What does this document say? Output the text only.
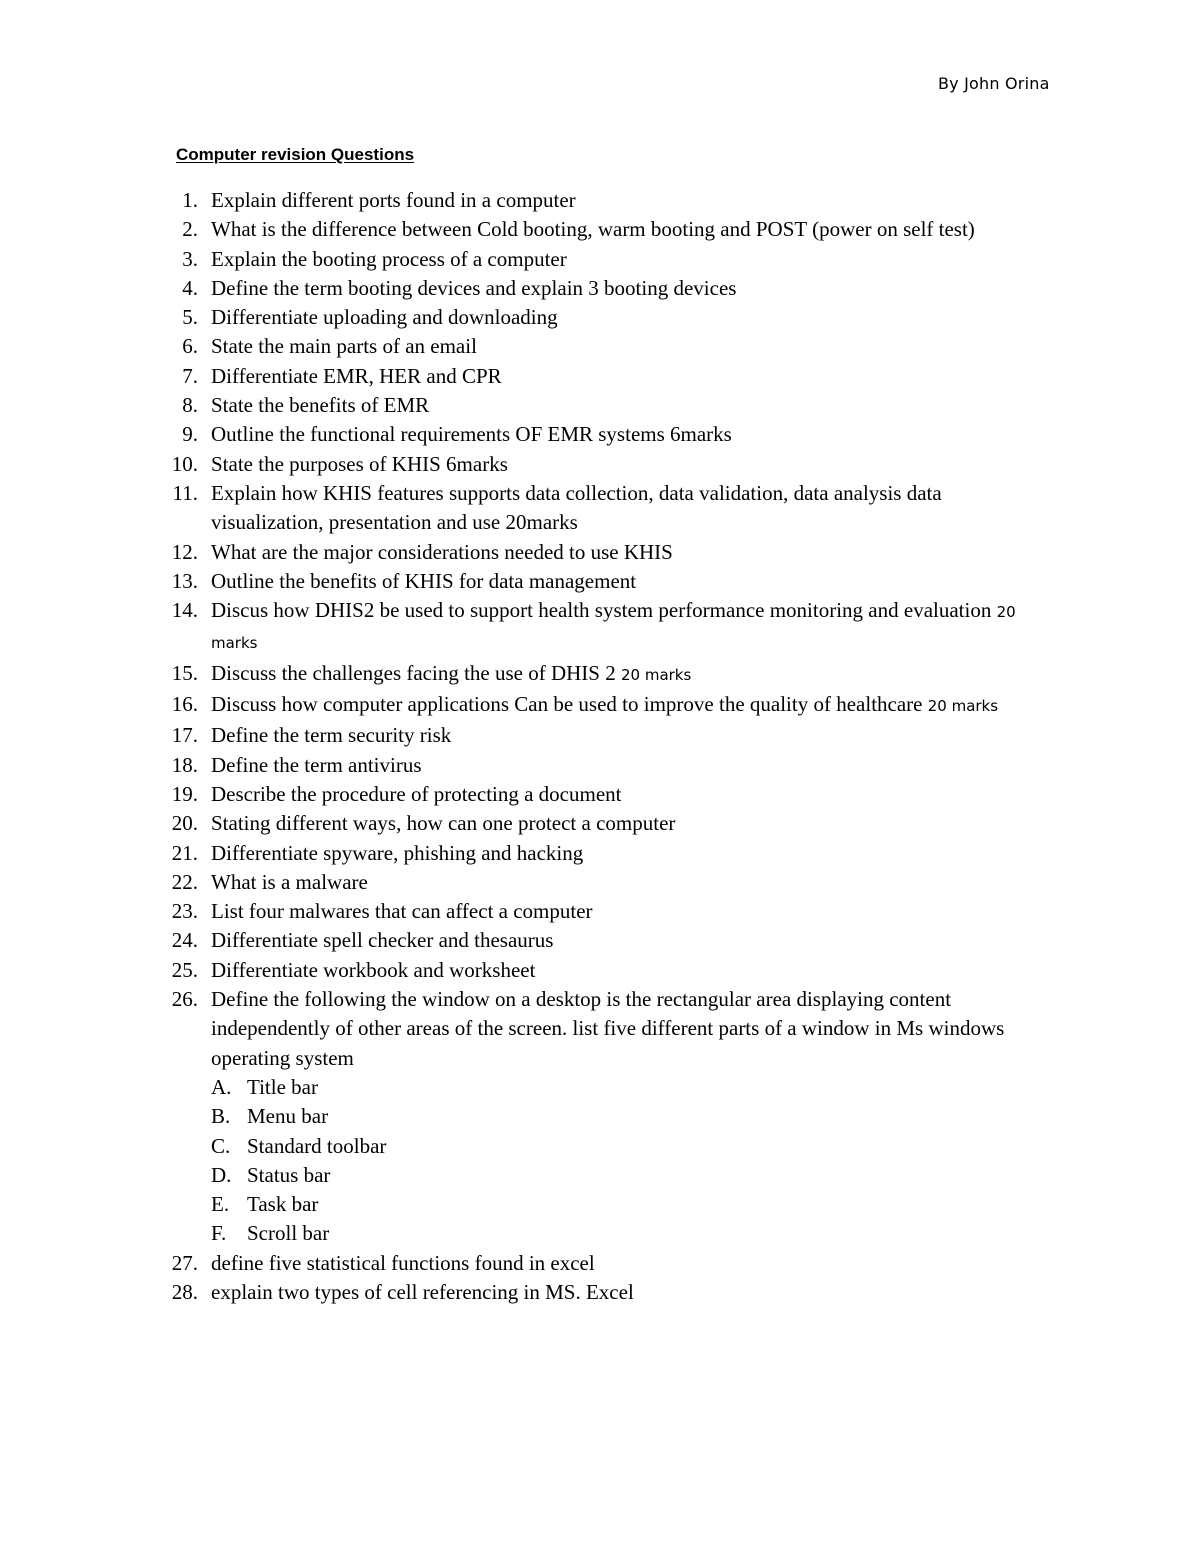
By John Orina
Computer revision Questions
1. Explain different ports found in a computer
2. What is the difference between Cold booting, warm booting and POST (power on self test)
3. Explain the booting process of a computer
4. Define the term booting devices and explain 3 booting devices
5. Differentiate uploading and downloading
6. State the main parts of an email
7. Differentiate EMR, HER and CPR
8. State the benefits of EMR
9. Outline the functional requirements OF EMR systems 6marks
10. State the purposes of KHIS 6marks
11. Explain how KHIS features supports data collection, data validation, data analysis data visualization, presentation and use 20marks
12. What are the major considerations needed to use KHIS
13. Outline the benefits of KHIS for data management
14. Discus how DHIS2 be used to support health system performance monitoring and evaluation 20 marks
15. Discuss the challenges facing the use of DHIS 2 20 marks
16. Discuss how computer applications Can be used to improve the quality of healthcare 20 marks
17. Define the term security risk
18. Define the term antivirus
19. Describe the procedure of protecting a document
20. Stating different ways, how can one protect a computer
21. Differentiate spyware, phishing and hacking
22. What is a malware
23. List four malwares that can affect a computer
24. Differentiate spell checker and thesaurus
25. Differentiate workbook and worksheet
26. Define the following the window on a desktop is the rectangular area displaying content independently of other areas of the screen. list five different parts of a window in Ms windows operating system
A. Title bar
B. Menu bar
C. Standard toolbar
D. Status bar
E. Task bar
F. Scroll bar
27. define five statistical functions found in excel
28. explain two types of cell referencing in MS. Excel
